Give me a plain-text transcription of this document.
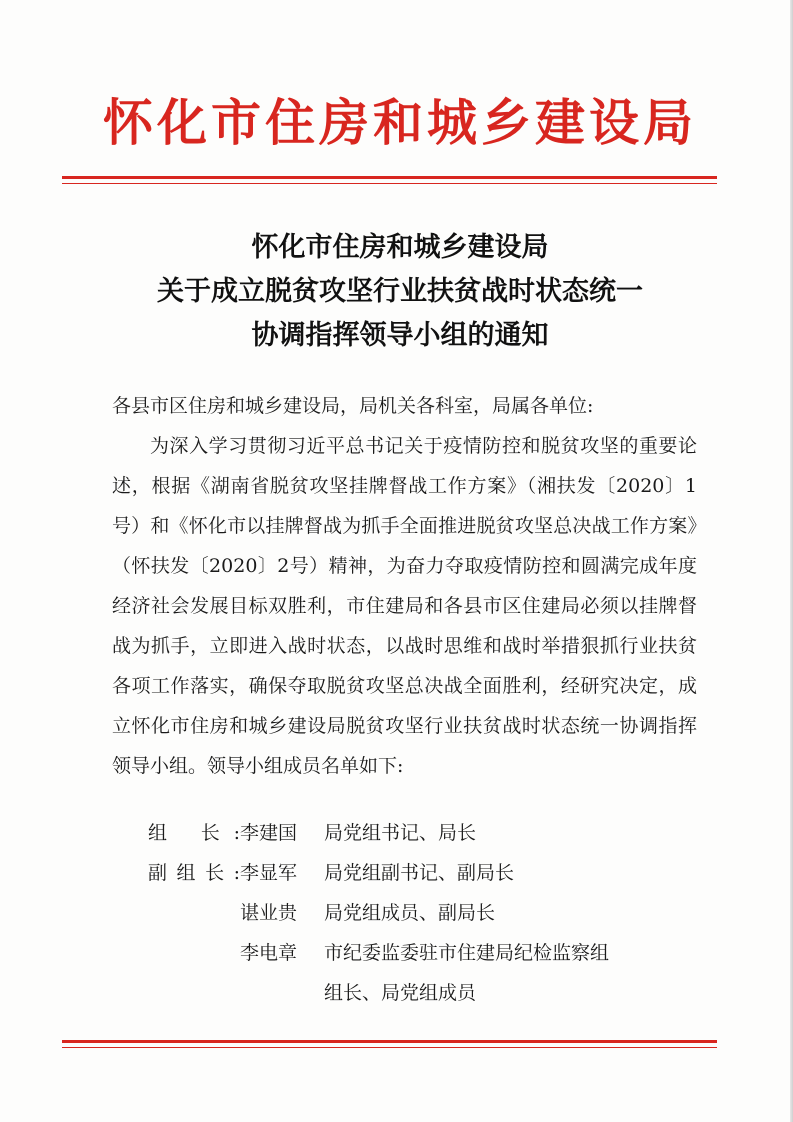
怀化市住房和城乡建设局
怀化市住房和城乡建设局
关于成立脱贫攻坚行业扶贫战时状态统一
协调指挥领导小组的通知

各县市区住房和城乡建设局，局机关各科室，局属各单位:

为深入学习贯彻习近平总书记关于疫情防控和脱贫攻坚的重要论述，根据《湖南省脱贫攻坚挂牌督战工作方案》（湘扶发〔2020〕1号）和《怀化市以挂牌督战为抓手全面推进脱贫攻坚总决战工作方案》（怀扶发〔2020〕2号）精神，为奋力夺取疫情防控和圆满完成年度经济社会发展目标双胜利，市住建局和各县市区住建局必须以挂牌督战为抓手，立即进入战时状态，以战时思维和战时举措狠抓行业扶贫各项工作落实，确保夺取脱贫攻坚总决战全面胜利，经研究决定，成立怀化市住房和城乡建设局脱贫攻坚行业扶贫战时状态统一协调指挥领导小组。领导小组成员名单如下:

组 长: 李建国	局党组书记、局长
副组长: 李显军	局党组副书记、副局长
谌业贵	局党组成员、副局长
李电章	市纪委监委驻市住建局纪检监察组
组长、局党组成员
